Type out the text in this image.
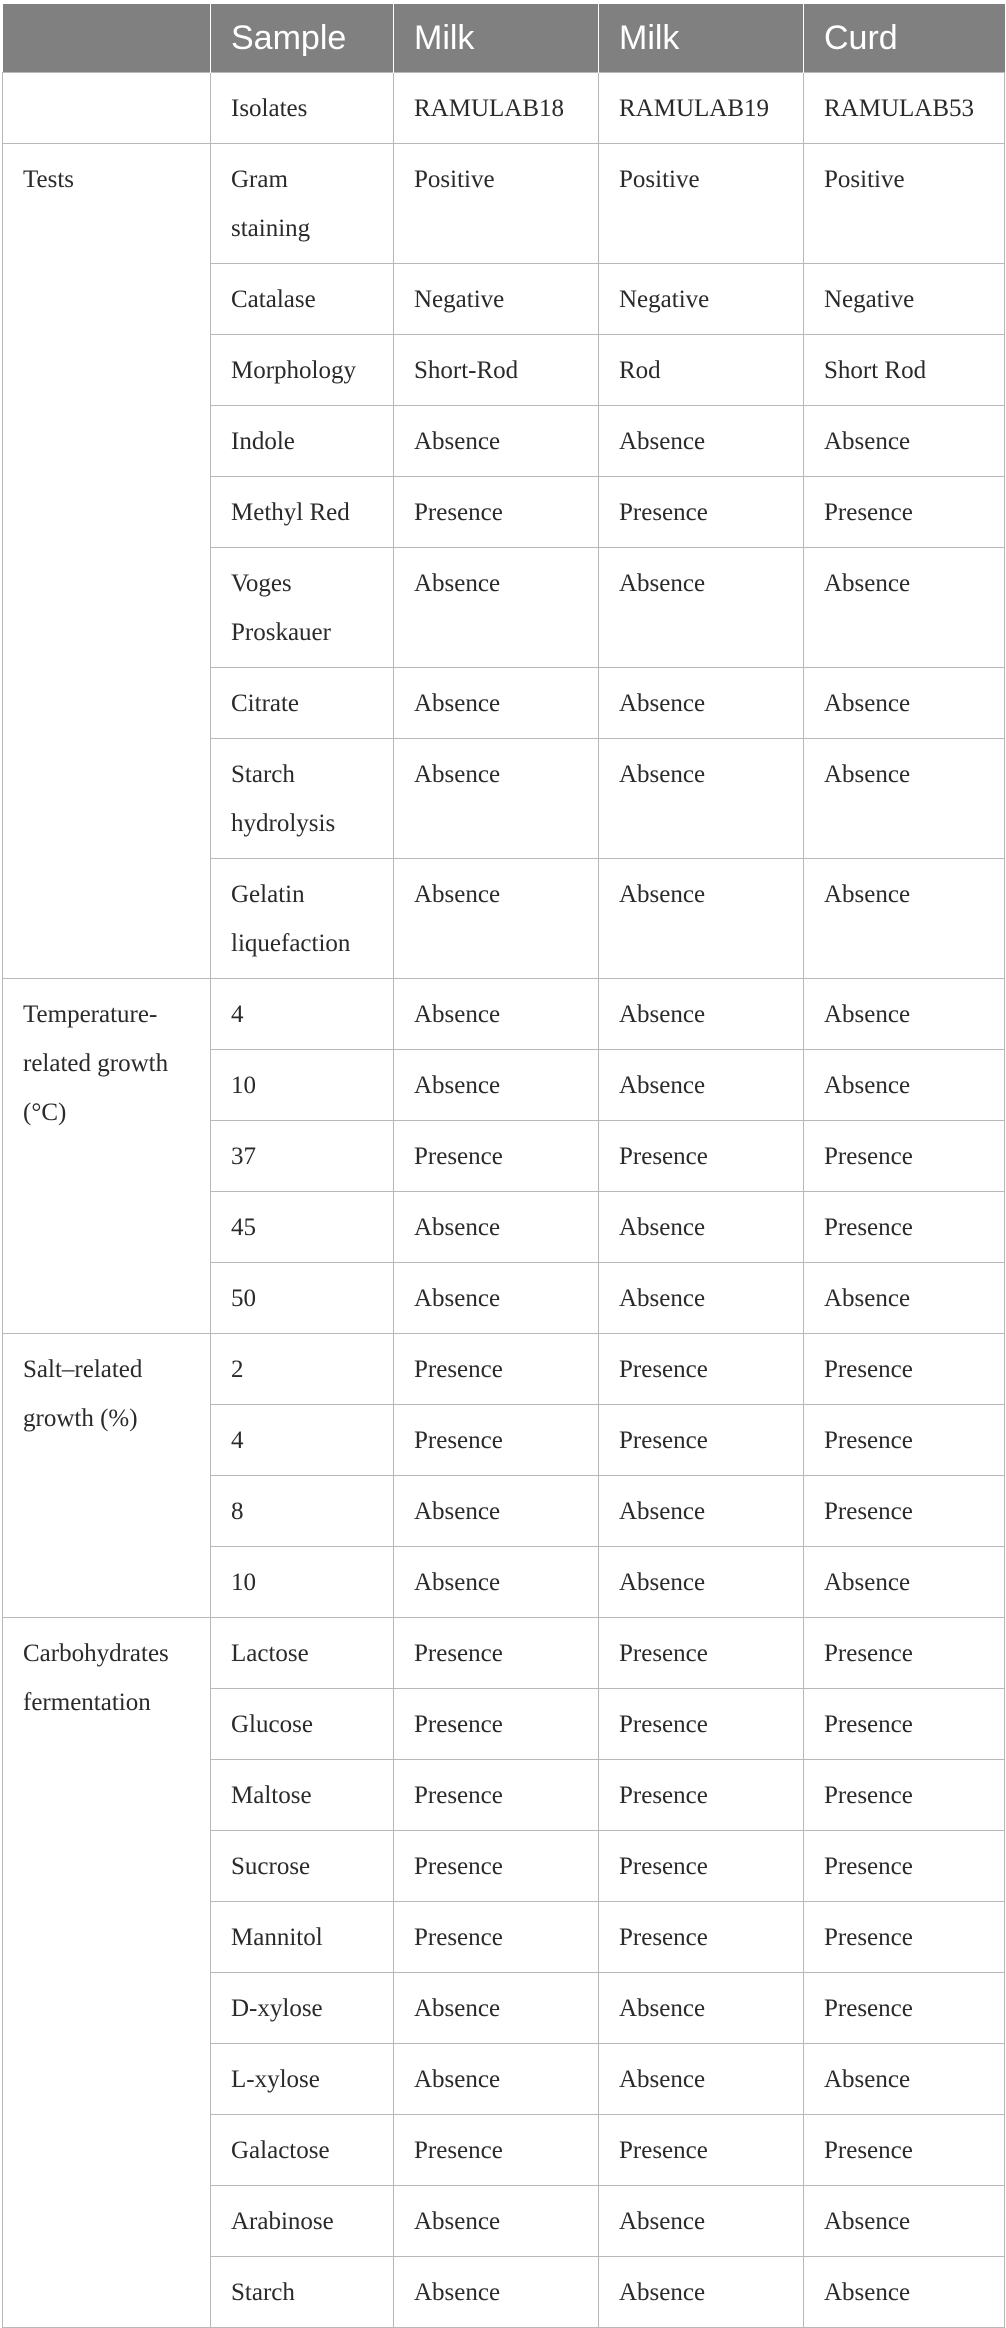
	Sample	Milk	Milk	Curd
	Isolates	RAMULAB18	RAMULAB19	RAMULAB53
Tests	Gram staining	Positive	Positive	Positive
	Catalase	Negative	Negative	Negative
	Morphology	Short-Rod	Rod	Short Rod
	Indole	Absence	Absence	Absence
	Methyl Red	Presence	Presence	Presence
	Voges Proskauer	Absence	Absence	Absence
	Citrate	Absence	Absence	Absence
	Starch hydrolysis	Absence	Absence	Absence
	Gelatin liquefaction	Absence	Absence	Absence
Temperature-related growth (°C)	4	Absence	Absence	Absence
	10	Absence	Absence	Absence
	37	Presence	Presence	Presence
	45	Absence	Absence	Presence
	50	Absence	Absence	Absence
Salt–related growth (%)	2	Presence	Presence	Presence
	4	Presence	Presence	Presence
	8	Absence	Absence	Presence
	10	Absence	Absence	Absence
Carbohydrates fermentation	Lactose	Presence	Presence	Presence
	Glucose	Presence	Presence	Presence
	Maltose	Presence	Presence	Presence
	Sucrose	Presence	Presence	Presence
	Mannitol	Presence	Presence	Presence
	D-xylose	Absence	Absence	Presence
	L-xylose	Absence	Absence	Absence
	Galactose	Presence	Presence	Presence
	Arabinose	Absence	Absence	Absence
	Starch	Absence	Absence	Absence
